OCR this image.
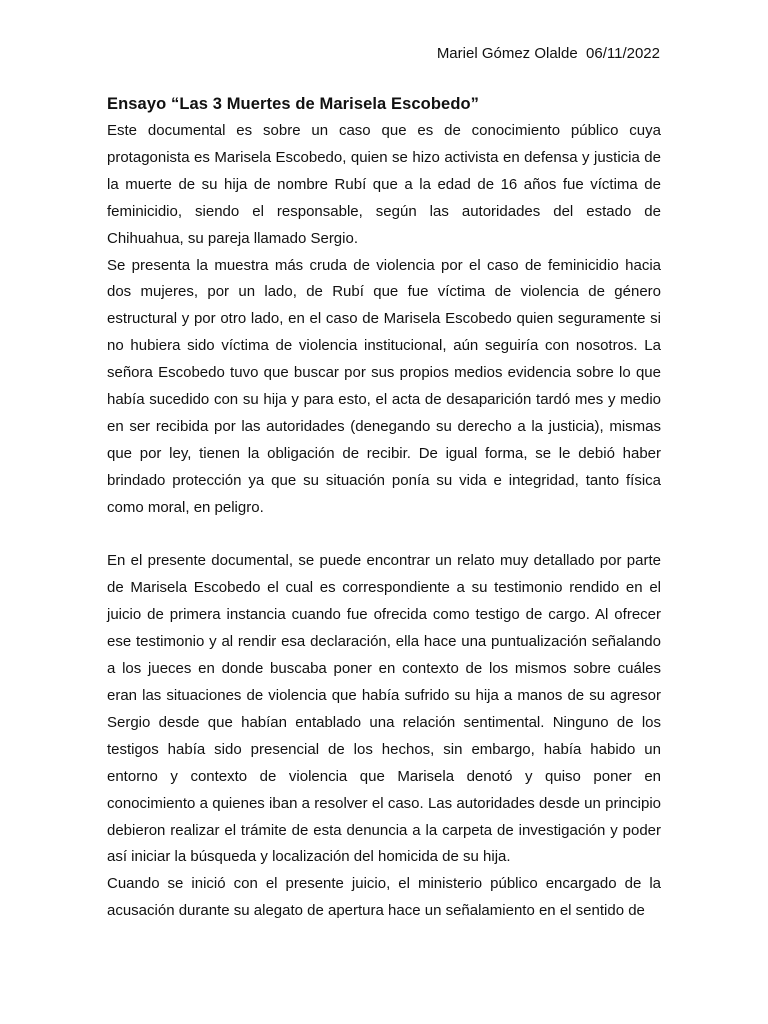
Mariel Gómez Olalde  06/11/2022
Ensayo “Las 3 Muertes de Marisela Escobedo”

Este documental es sobre un caso que es de conocimiento público cuya protagonista es Marisela Escobedo, quien se hizo activista en defensa y justicia de la muerte de su hija de nombre Rubí que a la edad de 16 años fue víctima de feminicidio, siendo el responsable, según las autoridades del estado de Chihuahua, su pareja llamado Sergio.

Se presenta la muestra más cruda de violencia por el caso de feminicidio hacia dos mujeres, por un lado, de Rubí que fue víctima de violencia de género estructural y por otro lado, en el caso de Marisela Escobedo quien seguramente si no hubiera sido víctima de violencia institucional, aún seguiría con nosotros. La señora Escobedo tuvo que buscar por sus propios medios evidencia sobre lo que había sucedido con su hija y para esto, el acta de desaparición tardó mes y medio en ser recibida por las autoridades (denegando su derecho a la justicia), mismas que por ley, tienen la obligación de recibir. De igual forma, se le debió haber brindado protección ya que su situación ponía su vida e integridad, tanto física como moral, en peligro.

En el presente documental, se puede encontrar un relato muy detallado por parte de Marisela Escobedo el cual es correspondiente a su testimonio rendido en el juicio de primera instancia cuando fue ofrecida como testigo de cargo. Al ofrecer ese testimonio y al rendir esa declaración, ella hace una puntualización señalando a los jueces en donde buscaba poner en contexto de los mismos sobre cuáles eran las situaciones de violencia que había sufrido su hija a manos de su agresor Sergio desde que habían entablado una relación sentimental. Ninguno de los testigos había sido presencial de los hechos, sin embargo, había habido un entorno y contexto de violencia que Marisela denotó y quiso poner en conocimiento a quienes iban a resolver el caso. Las autoridades desde un principio debieron realizar el trámite de esta denuncia a la carpeta de investigación y poder así iniciar la búsqueda y localización del homicida de su hija.

Cuando se inició con el presente juicio, el ministerio público encargado de la acusación durante su alegato de apertura hace un señalamiento en el sentido de
